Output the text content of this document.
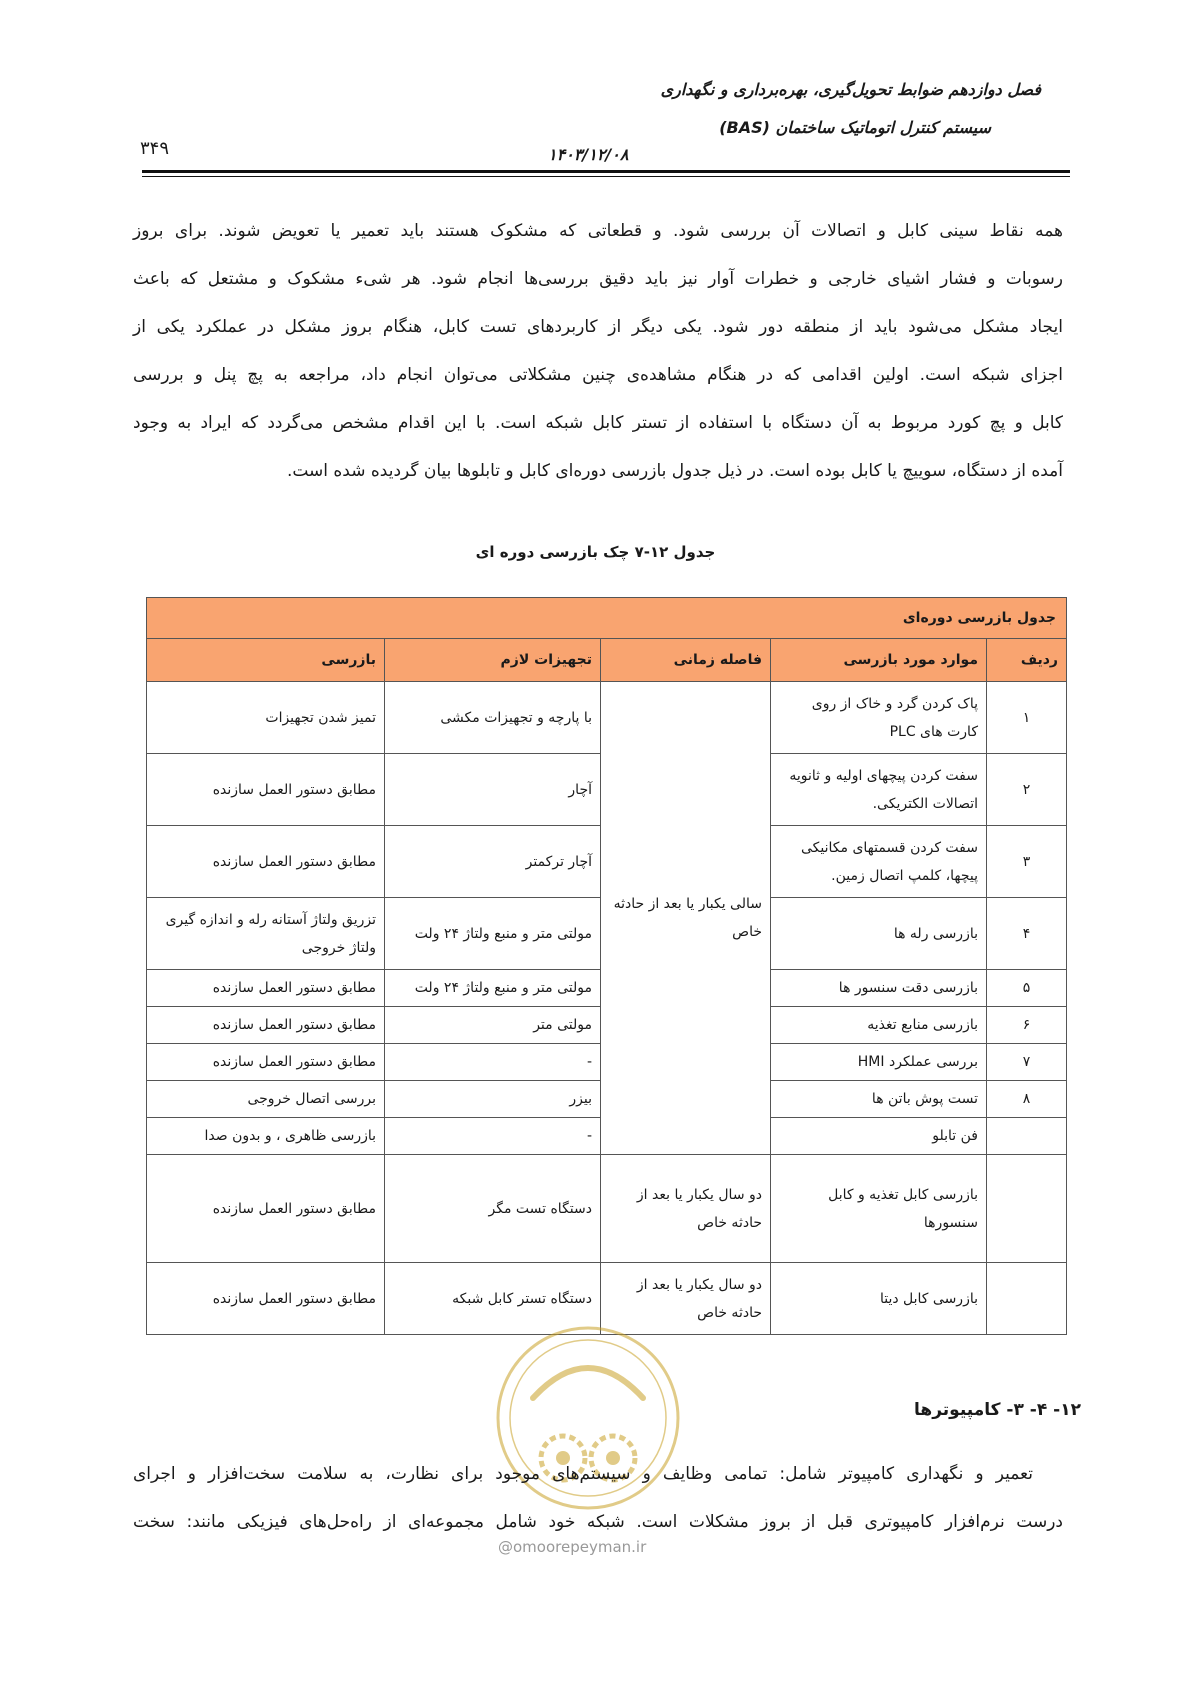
فصل دوازدهم ضوابط تحویل‌گیری، بهره‌برداری و نگهداری
سیستم کنترل اتوماتیک ساختمان (BAS)
۱۴۰۳/۱۲/۰۸
۳۴۹

همه نقاط سینی کابل و اتصالات آن بررسی شود. و قطعاتی که مشکوک هستند باید تعمیر یا تعویض شوند. برای بروز

رسوبات و فشار اشیای خارجی و خطرات آوار نیز باید دقیق بررسی‌ها انجام شود. هر شیء مشکوک و مشتعل که باعث

ایجاد مشکل می‌شود باید از منطقه دور شود. یکی دیگر از کاربردهای تست کابل، هنگام بروز مشکل در عملکرد یکی از

اجزای شبکه است. اولین اقدامی که در هنگام مشاهده‌ی چنین مشکلاتی می‌توان انجام داد، مراجعه به پچ پنل و بررسی

کابل و پچ کورد مربوط به آن دستگاه با استفاده از تستر کابل شبکه است. با این اقدام مشخص می‌گردد که ایراد به وجود

آمده از دستگاه، سوییچ یا کابل بوده است. در ذیل جدول بازرسی دوره‌ای کابل و تابلوها بیان گردیده شده است.

جدول ۱۲-۷ چک بازرسی دوره ای
جدول بازرسی دوره‌ای				
ردیف	موارد مورد بازرسی	فاصله زمانی	تجهیزات لازم	بازرسی
۱	پاک کردن گرد و خاک از روی کارت های PLC	سالی یکبار یا بعد از حادثه خاص	با پارچه و تجهیزات مکشی	تمیز شدن تجهیزات
۲	سفت کردن پیچهای اولیه و ثانویه اتصالات الکتریکی.		آچار	مطابق دستور العمل سازنده
۳	سفت کردن قسمتهای مکانیکی پیچها، کلمپ اتصال زمین.		آچار ترکمتر	مطابق دستور العمل سازنده
۴	بازرسی رله ها		مولتی متر و منبع ولتاژ ۲۴ ولت	تزریق ولتاژ آستانه رله و اندازه گیری ولتاژ خروجی
۵	بازرسی دقت سنسور ها		مولتی متر و منبع ولتاژ ۲۴ ولت	مطابق دستور العمل سازنده
۶	بازرسی منابع تغذیه		مولتی متر	مطابق دستور العمل سازنده
۷	بررسی عملکرد HMI		-	مطابق دستور العمل سازنده
۸	تست پوش باتن ها		بیزر	بررسی اتصال خروجی
	فن تابلو		-	بازرسی ظاهری ، و بدون صدا
	بازرسی کابل تغذیه و کابل سنسورها	دو سال یکبار یا بعد از حادثه خاص	دستگاه تست مگر	مطابق دستور العمل سازنده
	بازرسی کابل دیتا	دو سال یکبار یا بعد از حادثه خاص	دستگاه تستر کابل شبکه	مطابق دستور العمل سازنده
@omoorepeyman.ir
۱۲- ۴- ۳- کامپیوترها

تعمیر و نگهداری کامپیوتر شامل: تمامی وظایف و سیستم‌های موجود برای نظارت، به سلامت سخت‌افزار و اجرای

درست نرم‌افزار کامپیوتری قبل از بروز مشکلات است. شبکه خود شامل مجموعه‌ای از راه‌حل‌های فیزیکی مانند: سخت
